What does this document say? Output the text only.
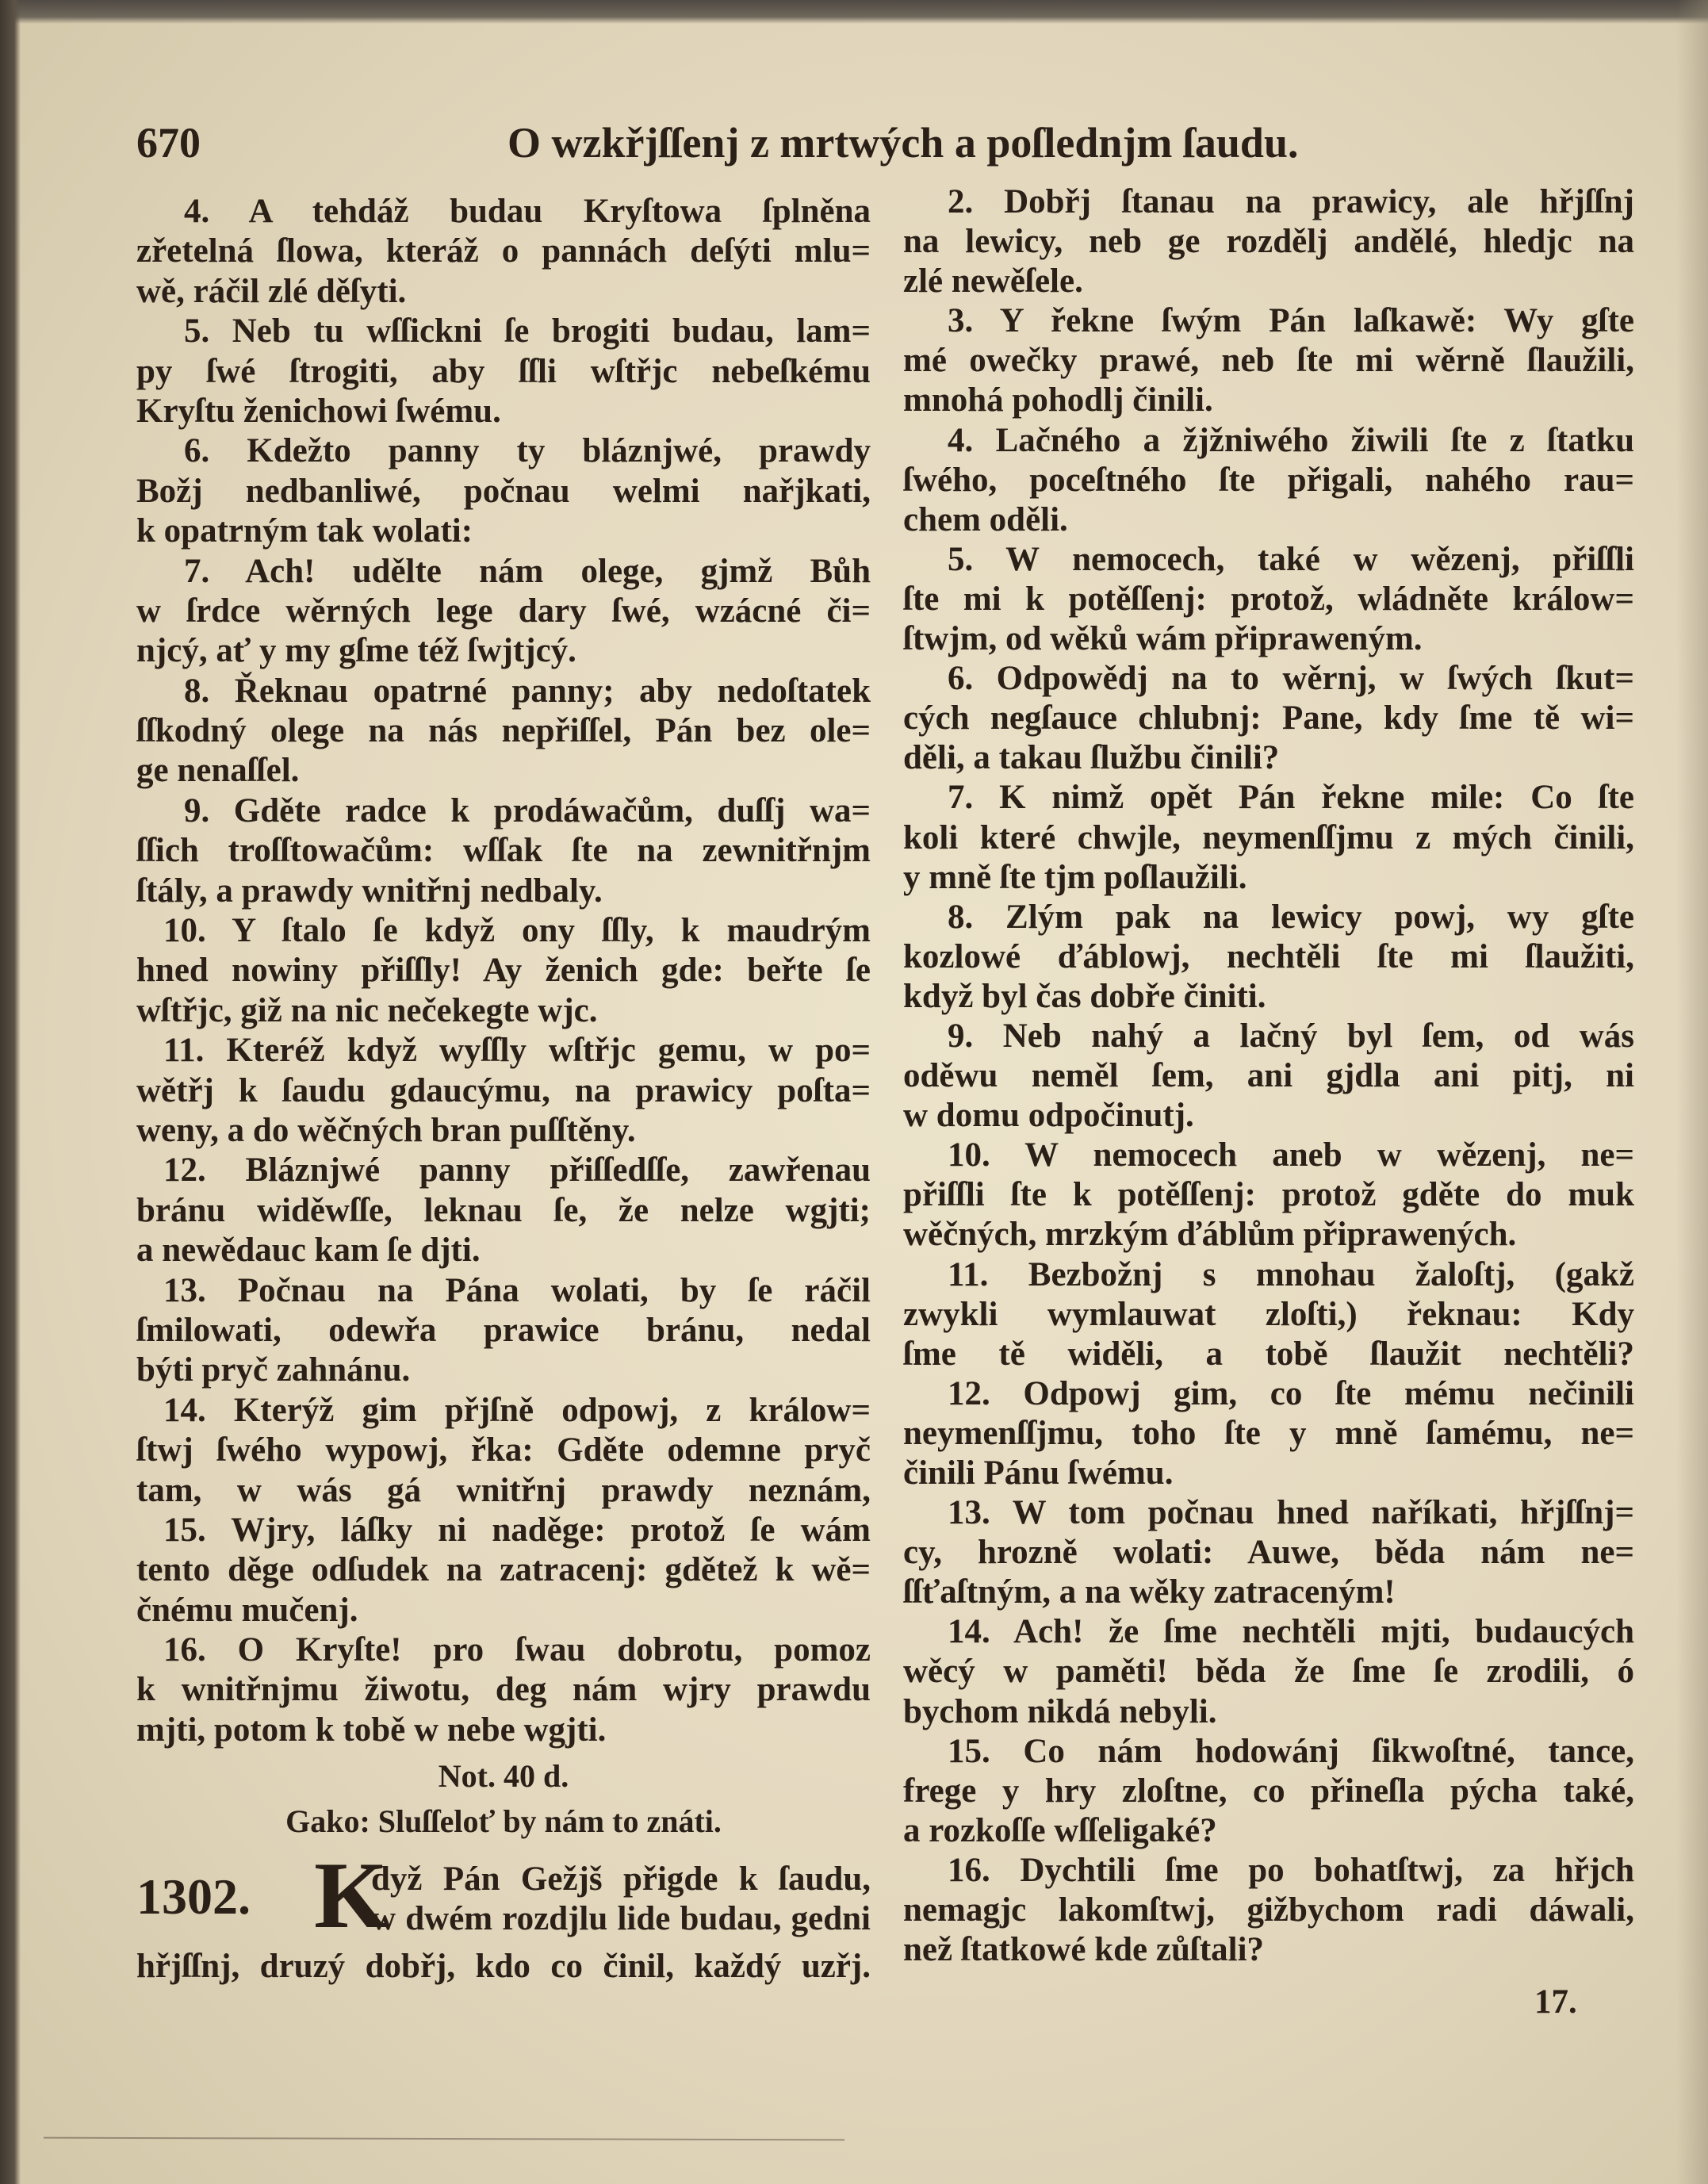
670	O wzkřjſſenj z mrtwých a poſlednjm ſaudu.
4. A tehdáž budau Kryſtowa ſplněna
zřetelná ſlowa, kteráž o pannách deſýti mlu=
wě, ráčil zlé děſyti.
5. Neb tu wſſickni ſe brogiti budau, lam=
py ſwé ſtrogiti, aby ſſli wſtřjc nebeſkému
Kryſtu ženichowi ſwému.
6. Kdežto panny ty bláznjwé, prawdy
Božj nedbanliwé, počnau welmi nařjkati,
k opatrným tak wolati:
7. Ach! udělte nám olege, gjmž Bůh
w ſrdce wěrných lege dary ſwé, wzácné či=
njcý, ať y my gſme též ſwjtjcý.
8. Řeknau opatrné panny; aby nedoſtatek
ſſkodný olege na nás nepřiſſel, Pán bez ole=
ge nenaſſel.
9. Gděte radce k prodáwačům, duſſj wa=
ſſich troſſtowačům: wſſak ſte na zewnitřnjm
ſtály, a prawdy wnitřnj nedbaly.
10. Y ſtalo ſe když ony ſſly, k maudrým
hned nowiny přiſſly! Ay ženich gde: beřte ſe
wſtřjc, giž na nic nečekegte wjc.
11. Kteréž když wyſſly wſtřjc gemu, w po=
wětřj k ſaudu gdaucýmu, na prawicy poſta=
weny, a do wěčných bran puſſtěny.
12. Bláznjwé panny přiſſedſſe, zawřenau
bránu widěwſſe, leknau ſe, že nelze wgjti;
a newědauc kam ſe djti.
13. Počnau na Pána wolati, by ſe ráčil
ſmilowati, odewřa prawice bránu, nedal
býti pryč zahnánu.
14. Kterýž gim přjſně odpowj, z králow=
ſtwj ſwého wypowj, řka: Gděte odemne pryč
tam, w wás gá wnitřnj prawdy neznám,
15. Wjry, láſky ni naděge: protož ſe wám
tento děge odſudek na zatracenj: gdětež k wě=
čnému mučenj.
16. O Kryſte! pro ſwau dobrotu, pomoz
k wnitřnjmu žiwotu, deg nám wjry prawdu
mjti, potom k tobě w nebe wgjti.
Not. 40 d.
Gako: Sluſſeloť by nám to znáti.
1302. K
dyž Pán Gežjš přigde k ſaudu,
w dwém rozdjlu lide budau, gedni
hřjſſnj, druzý dobřj, kdo co činil, každý uzřj.
2. Dobřj ſtanau na prawicy, ale hřjſſnj
na lewicy, neb ge rozdělj andělé, hledjc na
zlé newěſele.
3. Y řekne ſwým Pán laſkawě: Wy gſte
mé owečky prawé, neb ſte mi wěrně ſlaužili,
mnohá pohodlj činili.
4. Lačného a žjžniwého žiwili ſte z ſtatku
ſwého, poceſtného ſte přigali, nahého rau=
chem oděli.
5. W nemocech, také w wězenj, přiſſli
ſte mi k potěſſenj: protož, wládněte králow=
ſtwjm, od wěků wám připraweným.
6. Odpowědj na to wěrnj, w ſwých ſkut=
cých negſauce chlubnj: Pane, kdy ſme tě wi=
děli, a takau ſlužbu činili?
7. K nimž opět Pán řekne mile: Co ſte
koli které chwjle, neymenſſjmu z mých činili,
y mně ſte tjm poſlaužili.
8. Zlým pak na lewicy powj, wy gſte
kozlowé ďáblowj, nechtěli ſte mi ſlaužiti,
když byl čas dobře činiti.
9. Neb nahý a lačný byl ſem, od wás
oděwu neměl ſem, ani gjdla ani pitj, ni
w domu odpočinutj.
10. W nemocech aneb w wězenj, ne=
přiſſli ſte k potěſſenj: protož gděte do muk
wěčných, mrzkým ďáblům připrawených.
11. Bezbožnj s mnohau žaloſtj, (gakž
zwykli wymlauwat zloſti,) řeknau: Kdy
ſme tě widěli, a tobě ſlaužit nechtěli?
12. Odpowj gim, co ſte mému nečinili
neymenſſjmu, toho ſte y mně ſamému, ne=
činili Pánu ſwému.
13. W tom počnau hned naříkati, hřjſſnj=
cy, hrozně wolati: Auwe, běda nám ne=
ſſťaſtným, a na wěky zatraceným!
14. Ach! že ſme nechtěli mjti, budaucých
wěcý w paměti! běda že ſme ſe zrodili, ó
bychom nikdá nebyli.
15. Co nám hodowánj ſikwoſtné, tance,
frege y hry zloſtne, co přineſla pýcha také,
a rozkoſſe wſſeligaké?
16. Dychtili ſme po bohatſtwj, za hřjch
nemagjc lakomſtwj, gižbychom radi dáwali,
než ſtatkowé kde zůſtali?
17.
